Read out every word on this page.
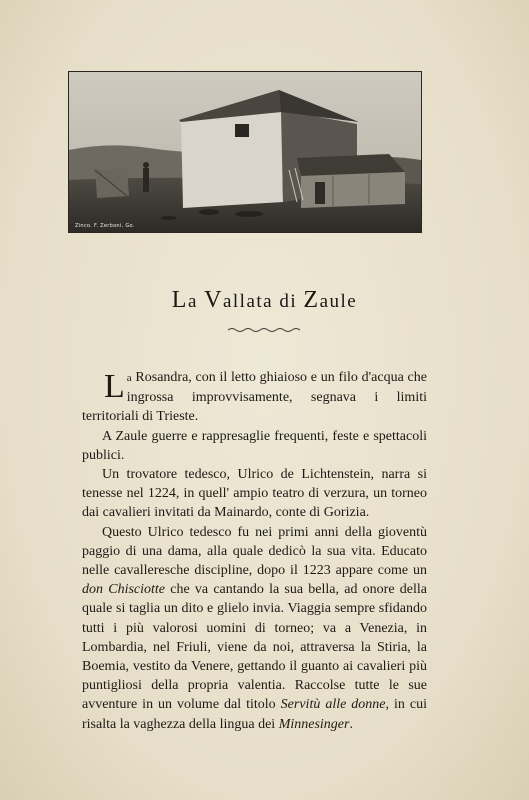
Zinco. F. Zerboni, Go.
La Vallata di Zaule

La Rosandra, con il letto ghiaioso e un filo d'acqua che ingrossa improvvisamente, segnava i limiti territoriali di Trieste.

A Zaule guerre e rappresaglie frequenti, feste e spettacoli publici.

Un trovatore tedesco, Ulrico de Lichtenstein, narra si tenesse nel 1224, in quell' ampio teatro di verzura, un torneo dai cavalieri invitati da Mainardo, conte di Gorizia.

Questo Ulrico tedesco fu nei primi anni della gioventù paggio di una dama, alla quale dedicò la sua vita. Educato nelle cavalleresche discipline, dopo il 1223 appare come un don Chisciotte che va cantando la sua bella, ad onore della quale si taglia un dito e glielo invia. Viaggia sempre sfidando tutti i più valorosi uomini di torneo; va a Venezia, in Lombardia, nel Friuli, viene da noi, attraversa la Stiria, la Boemia, vestito da Venere, gettando il guanto ai cavalieri più puntigliosi della propria valentia. Raccolse tutte le sue avventure in un volume dal titolo Servitù alle donne, in cui risalta la vaghezza della lingua dei Minnesinger.
